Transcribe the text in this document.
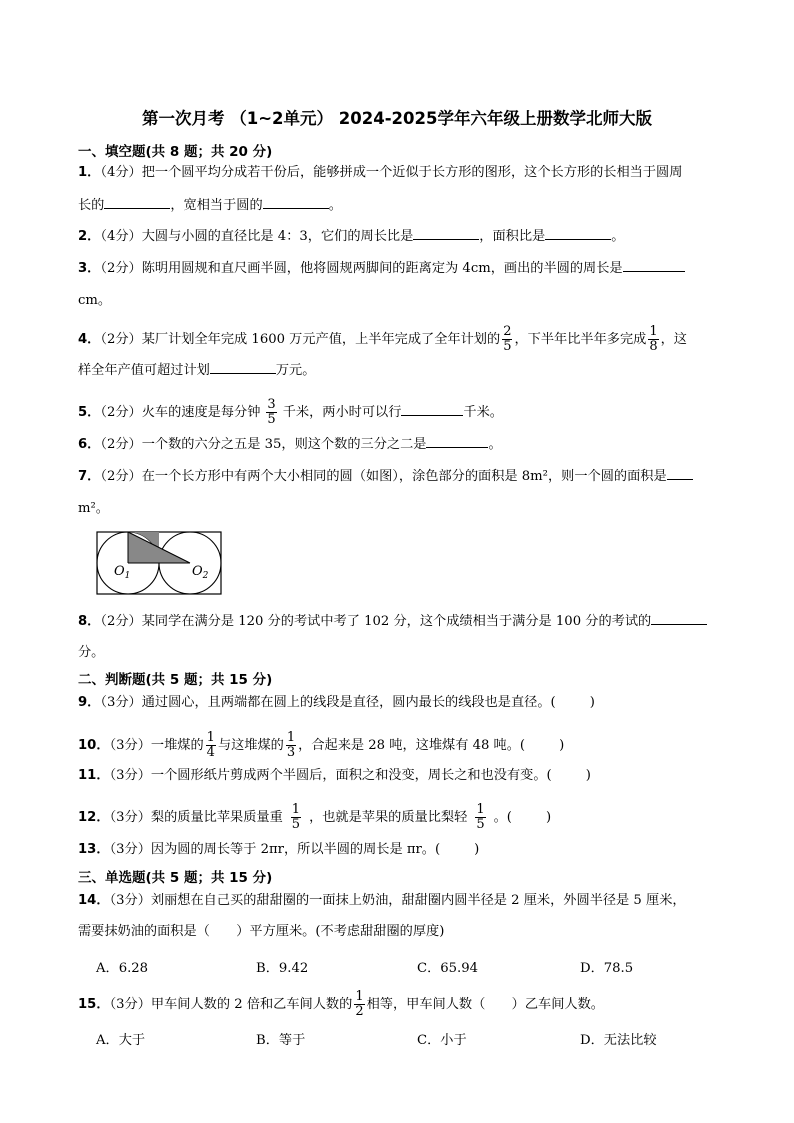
第一次月考 （1~2单元） 2024-2025学年六年级上册数学北师大版
一、填空题(共 8 题；共 20 分)
1．（4分）把一个圆平均分成若干份后，能够拼成一个近似于长方形的图形，这个长方形的长相当于圆周
长的	，宽相当于圆的	。
2．（4分）大圆与小圆的直径比是 4：3，它们的周长比是	，面积比是	。
3．（2分）陈明用圆规和直尺画半圆，他将圆规两脚间的距离定为 4cm，画出的半圆的周长是
cm。
4．（2分）某厂计划全年完成 1600 万元产值，上半年完成了全年计划的 $\frac{2}{5}$ ，下半年比半年多完成 $\frac{1}{8}$ ，这
样全年产值可超过计划	万元。
5．（2分）火车的速度是每分钟 $\frac{3}{5}$ 千米，两小时可以行	千米。
6．（2分）一个数的六分之五是 35，则这个数的三分之二是	。
7．（2分）在一个长方形中有两个大小相同的圆（如图），涂色部分的面积是 8m²，则一个圆的面积是
m²。
$O_1$	$O_2$
8．（2分）某同学在满分是 120 分的考试中考了 102 分，这个成绩相当于满分是 100 分的考试的
分。
二、判断题(共 5 题；共 15 分)
9．（3分）通过圆心，且两端都在圆上的线段是直径，圆内最长的线段也是直径。(	)
10．（3分）一堆煤的 $\frac{1}{4}$ 与这堆煤的 $\frac{1}{3}$ ，合起来是 28 吨，这堆煤有 48 吨。(	)
11．（3分）一个圆形纸片剪成两个半圆后，面积之和没变，周长之和也没有变。(	)
12．（3分）梨的质量比苹果质量重 $\frac{1}{5}$ ，也就是苹果的质量比梨轻 $\frac{1}{5}$ 。(	)
13．（3分）因为圆的周长等于 2πr，所以半圆的周长是 πr。(	)
三、单选题(共 5 题；共 15 分)
14．（3分）刘丽想在自己买的甜甜圈的一面抹上奶油，甜甜圈内圆半径是 2 厘米，外圆半径是 5 厘米，
需要抹奶油的面积是（　　）平方厘米。(不考虑甜甜圈的厚度)
A．6.28	B．9.42	C．65.94	D．78.5
15．（3分）甲车间人数的 2 倍和乙车间人数的 $\frac{1}{2}$ 相等，甲车间人数（　　）乙车间人数。
A．大于	B．等于	C．小于	D．无法比较
